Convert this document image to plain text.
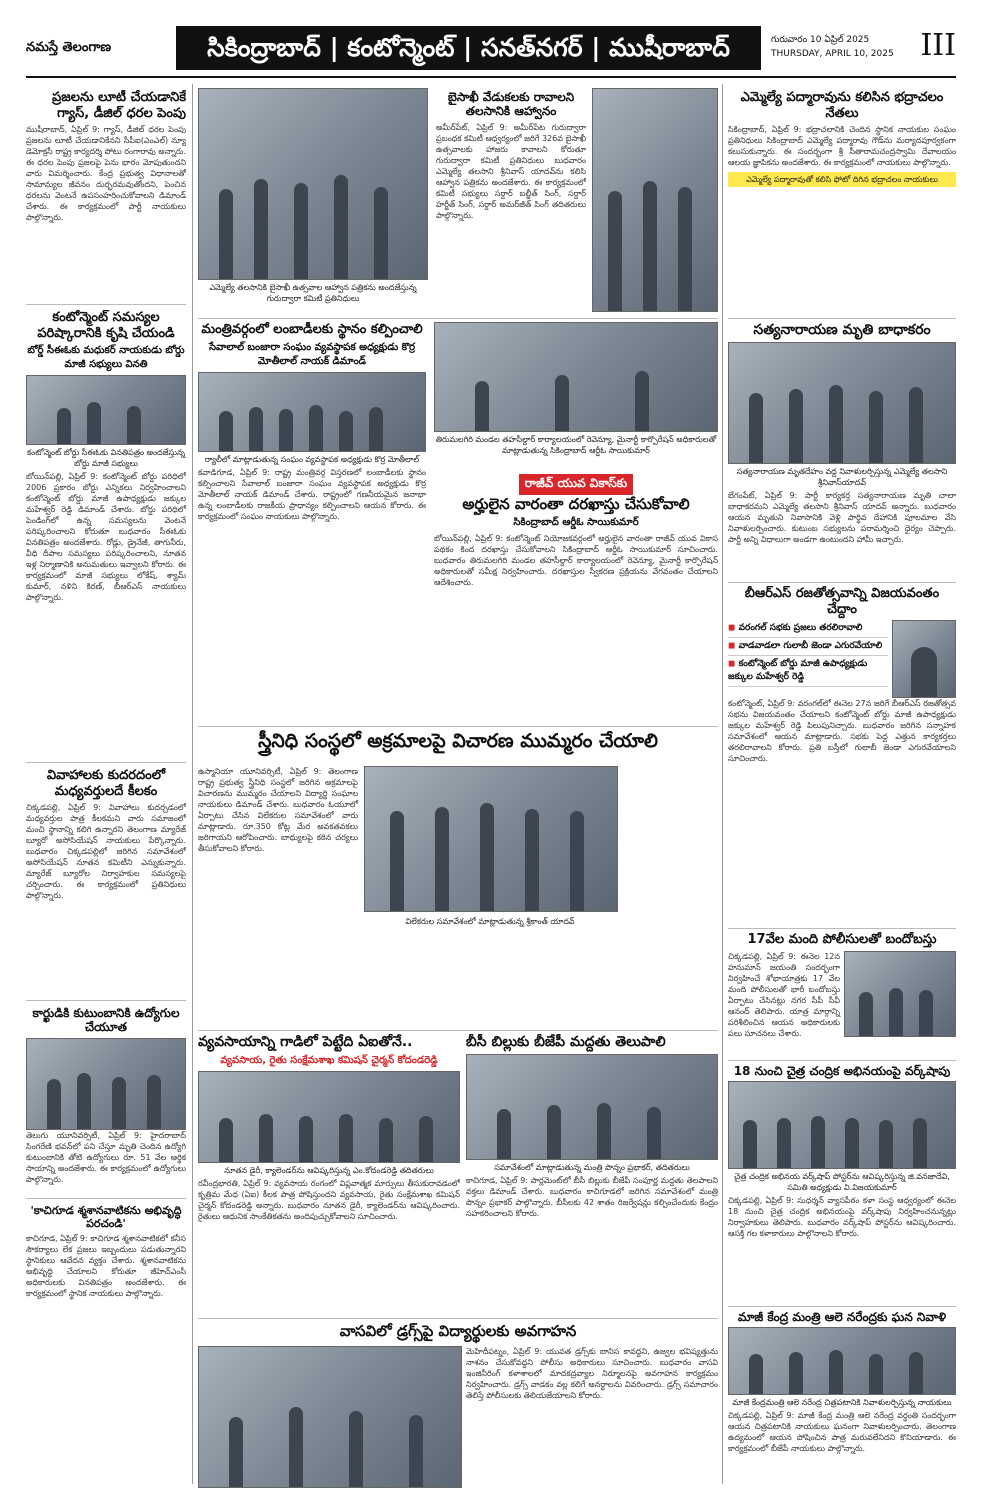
నమస్తే తెలంగాణ	సికింద్రాబాద్ | కంటోన్మెంట్ | సనత్‌నగర్ | ముషీరాబాద్	గురువారం 10 ఏప్రిల్ 2025
THURSDAY, APRIL 10, 2025 III
ప్రజలను లూటీ చేయడానికే గ్యాస్, డీజిల్ ధరల పెంపు
ముషీరాబాద్, ఏప్రిల్ 9: గ్యాస్, డీజిల్ ధరల పెంపు ప్రజలను లూటీ చేయడానికేనని సీపీఐ(ఎంఎల్) న్యూ డెమోక్రసీ రాష్ట్ర కార్యదర్శి పోటు రంగారావు అన్నారు. ఈ ధరల పెంపు ప్రజలపై పెను భారం మోపుతుందని వారు విమర్శించారు. కేంద్ర ప్రభుత్వ విధానాలతో సామాన్యుల జీవనం దుర్భరమవుతోందని, పెంచిన ధరలను వెంటనే ఉపసంహరించుకోవాలని డిమాండ్ చేశారు. ఈ కార్యక్రమంలో పార్టీ నాయకులు పాల్గొన్నారు.
కంటోన్మెంట్ సమస్యల పరిష్కారానికి కృషి చేయండి
బోర్డ్ సీఈఓకు మధుకర్ నాయకుడు బోర్డు మాజీ సభ్యులు వినతి
కంటోన్మెంట్ బోర్డు సీఈఓకు వినతిపత్రం అందజేస్తున్న బోర్డు మాజీ సభ్యులు
బోయిన్‌పల్లి, ఏప్రిల్ 9: కంటోన్మెంట్ బోర్డు పరిధిలో 2006 ప్రకారం బోర్డు ఎన్నికలు నిర్వహించాలని కంటోన్మెంట్ బోర్డు మాజీ ఉపాధ్యక్షుడు జక్కుల మహేశ్వర్ రెడ్డి డిమాండ్ చేశారు. బోర్డు పరిధిలో పెండింగ్‌లో ఉన్న సమస్యలను వెంటనే పరిష్కరించాలని కోరుతూ బుధవారం సీఈఓకు వినతిపత్రం అందజేశారు. రోడ్లు, డ్రైనేజీ, తాగునీరు, వీధి దీపాల సమస్యలు పరిష్కరించాలని, నూతన ఇళ్ల నిర్మాణానికి అనుమతులు ఇవ్వాలని కోరారు. ఈ కార్యక్రమంలో మాజీ సభ్యులు లోకేష్, శ్యామ్ కుమార్, నళిని కిరణ్, బీఆర్ఎస్ నాయకులు పాల్గొన్నారు.
వివాహాలకు కుదరదంలో మధ్యవర్తులదే కీలకం
చిక్కడపల్లి, ఏప్రిల్ 9: వివాహాలు కుదర్చడంలో మధ్యవర్తుల పాత్ర కీలకమని వారు సమాజంలో మంచి స్థానాన్ని కలిగి ఉన్నారని తెలంగాణ మ్యారేజ్ బ్యూరో అసోసియేషన్ నాయకులు పేర్కొన్నారు. బుధవారం చిక్కడపల్లిలో జరిగిన సమావేశంలో అసోసియేషన్ నూతన కమిటీని ఎన్నుకున్నారు. మ్యారేజ్ బ్యూరోల నిర్వాహకుల సమస్యలపై చర్చించారు. ఈ కార్యక్రమంలో ప్రతినిధులు పాల్గొన్నారు.
కార్ఖుడికి కుటుంబానికి ఉద్యోగుల చేయూత
తెలుగు యూనివర్సిటీ, ఏప్రిల్ 9: హైదరాబాద్ సింగరేణి భవన్‌లో పని చేస్తూ మృతి చెందిన ఉద్యోగి కుటుంబానికి తోటి ఉద్యోగులు రూ. 51 వేల ఆర్థిక సాయాన్ని అందజేశారు. ఈ కార్యక్రమంలో ఉద్యోగులు పాల్గొన్నారు.
'కాచిగూడ శ్మశానవాటికను అభివృద్ధి పరచండి'
కాచిగూడ, ఏప్రిల్ 9: కాచిగూడ శ్మశానవాటికలో కనీస సౌకర్యాలు లేక ప్రజలు ఇబ్బందులు పడుతున్నారని స్థానికులు ఆవేదన వ్యక్తం చేశారు. శ్మశానవాటికను అభివృద్ధి చేయాలని కోరుతూ జీహెచ్ఎంసీ అధికారులకు వినతిపత్రం అందజేశారు. ఈ కార్యక్రమంలో స్థానిక నాయకులు పాల్గొన్నారు.
ఎమ్మెల్యే తలసానికి బైసాఖీ ఉత్సవాల ఆహ్వాన పత్రికను అందజేస్తున్న గురుద్వారా కమిటీ ప్రతినిధులు
బైసాఖీ వేడుకలకు రావాలని తలసానికి ఆహ్వానం
అమీర్‌పేట్, ఏప్రిల్ 9: అమీర్‌పేట గురుద్వారా ప్రబంధక కమిటీ ఆధ్వర్యంలో జరిగే 326వ బైసాఖీ ఉత్సవాలకు హాజరు కావాలని కోరుతూ గురుద్వారా కమిటీ ప్రతినిధులు బుధవారం ఎమ్మెల్యే తలసాని శ్రీనివాస్ యాదవ్‌ను కలిసి ఆహ్వాన పత్రికను అందజేశారు. ఈ కార్యక్రమంలో కమిటీ సభ్యులు సర్దార్ బల్జీత్ సింగ్, సర్దార్ హర్జీత్ సింగ్, సర్దార్ అమర్‌జీత్ సింగ్ తదితరులు పాల్గొన్నారు.
మంత్రివర్గంలో లంబాడీలకు స్థానం కల్పించాలి
సేవాలాల్ బంజారా సంఘం వ్యవస్థాపక అధ్యక్షుడు కొర్ర మోతీలాల్ నాయక్ డిమాండ్
ర్యాలీలో మాట్లాడుతున్న సంఘం వ్యవస్థాపక అధ్యక్షుడు కొర్ర మోతీలాల్
కవాడిగూడ, ఏప్రిల్ 9: రాష్ట్ర మంత్రివర్గ విస్తరణలో లంబాడీలకు స్థానం కల్పించాలని సేవాలాల్ బంజారా సంఘం వ్యవస్థాపక అధ్యక్షుడు కొర్ర మోతీలాల్ నాయక్ డిమాండ్ చేశారు. రాష్ట్రంలో గణనీయమైన జనాభా ఉన్న లంబాడీలకు రాజకీయ ప్రాధాన్యం కల్పించాలని ఆయన కోరారు. ఈ కార్యక్రమంలో సంఘం నాయకులు పాల్గొన్నారు.
తిరుమలగిరి మండల తహసీల్దార్ కార్యాలయంలో రెవెన్యూ, మైనార్టీ కార్పొరేషన్ అధికారులతో మాట్లాడుతున్న సికింద్రాబాద్ ఆర్డీఓ సాయికుమార్
రాజీవ్ యువ వికాస్‌కు
అర్హులైన వారంతా దరఖాస్తు చేసుకోవాలి
సికింద్రాబాద్ ఆర్డీఓ సాయికుమార్
బోయిన్‌పల్లి, ఏప్రిల్ 9: కంటోన్మెంట్ నియోజకవర్గంలో అర్హులైన వారంతా రాజీవ్ యువ వికాస పథకం కింద దరఖాస్తు చేసుకోవాలని సికింద్రాబాద్ ఆర్డీఓ సాయికుమార్ సూచించారు. బుధవారం తిరుమలగిరి మండల తహసీల్దార్ కార్యాలయంలో రెవెన్యూ, మైనార్టీ కార్పొరేషన్ అధికారులతో సమీక్ష నిర్వహించారు. దరఖాస్తుల స్వీకరణ ప్రక్రియను వేగవంతం చేయాలని ఆదేశించారు.
స్త్రీనిధి సంస్థలో అక్రమాలపై విచారణ ముమ్మరం చేయాలి
ఉస్మానియా యూనివర్సిటీ, ఏప్రిల్ 9: తెలంగాణ రాష్ట్ర ప్రభుత్వ స్త్రీనిధి సంస్థలో జరిగిన అక్రమాలపై విచారణను ముమ్మరం చేయాలని విద్యార్థి సంఘాల నాయకులు డిమాండ్ చేశారు. బుధవారం ఓయూలో ఏర్పాటు చేసిన విలేకరుల సమావేశంలో వారు మాట్లాడారు. రూ.350 కోట్ల మేర అవకతవకలు జరిగాయని ఆరోపించారు. బాధ్యులపై కఠిన చర్యలు తీసుకోవాలని కోరారు.
విలేకరుల సమావేశంలో మాట్లాడుతున్న శ్రీకాంత్ యాదవ్
వ్యవసాయాన్ని గాడిలో పెట్టేది ఏఐతోనే..
వ్యవసాయ, రైతు సంక్షేమశాఖ కమిషన్ చైర్మన్ కోదండరెడ్డి
నూతన డైరీ, క్యాలెండర్‌ను ఆవిష్కరిస్తున్న ఎం.కోదండరెడ్డి తదితరులు
రవీంద్రభారతి, ఏప్రిల్ 9: వ్యవసాయ రంగంలో విప్లవాత్మక మార్పులు తీసుకురావడంలో కృత్రిమ మేధ (ఏఐ) కీలక పాత్ర పోషిస్తుందని వ్యవసాయ, రైతు సంక్షేమశాఖ కమిషన్ చైర్మన్ కోదండరెడ్డి అన్నారు. బుధవారం నూతన డైరీ, క్యాలెండర్‌ను ఆవిష్కరించారు. రైతులు ఆధునిక సాంకేతికతను అందిపుచ్చుకోవాలని సూచించారు.
బీసీ బిల్లుకు బీజేపీ మద్దతు తెలుపాలి
సమావేశంలో మాట్లాడుతున్న మంత్రి పొన్నం ప్రభాకర్, తదితరులు
కాచిగూడ, ఏప్రిల్ 9: పార్లమెంట్‌లో బీసీ బిల్లుకు బీజేపీ సంపూర్ణ మద్దతు తెలపాలని వక్తలు డిమాండ్ చేశారు. బుధవారం కాచిగూడలో జరిగిన సమావేశంలో మంత్రి పొన్నం ప్రభాకర్ పాల్గొన్నారు. బీసీలకు 42 శాతం రిజర్వేషన్లు కల్పించేందుకు కేంద్రం సహకరించాలని కోరారు.
వాసవిలో డ్రగ్స్‌పై విద్యార్థులకు అవగాహన
మెహిదీపట్నం, ఏప్రిల్ 9: యువత డ్రగ్స్‌కు బానిస కావద్దని, ఉజ్వల భవిష్యత్తును నాశనం చేసుకోవద్దని పోలీసు అధికారులు సూచించారు. బుధవారం వాసవి ఇంజినీరింగ్ కళాశాలలో మాదకద్రవ్యాల నిర్మూలనపై అవగాహన కార్యక్రమం నిర్వహించారు. డ్రగ్స్ వాడకం వల్ల కలిగే అనర్థాలను వివరించారు. డ్రగ్స్ సమాచారం తెలిస్తే పోలీసులకు తెలియజేయాలని కోరారు.
ఎమ్మెల్యే పద్మారావును కలిసిన భద్రాచలం నేతలు
సికింద్రాబాద్, ఏప్రిల్ 9: భద్రాచలానికి చెందిన స్థానిక నాయకుల సంఘం ప్రతినిధులు సికింద్రాబాద్ ఎమ్మెల్యే పద్మారావు గౌడ్‌ను మర్యాదపూర్వకంగా కలుసుకున్నారు. ఈ సందర్భంగా శ్రీ సీతారామచంద్రస్వామి దేవాలయం ఆలయ జ్ఞాపికను అందజేశారు. ఈ కార్యక్రమంలో నాయకులు పాల్గొన్నారు.
ఎమ్మెల్యే పద్మారావుతో కలిసి ఫోటో దిగిన భద్రాచలం నాయకులు
సత్యనారాయణ మృతి బాధాకరం
సత్యనారాయణ మృతదేహం వద్ద నివాళులర్పిస్తున్న ఎమ్మెల్యే తలసాని శ్రీనివాస్‌యాదవ్
బేగంపేట్, ఏప్రిల్ 9: పార్టీ కార్యకర్త సత్యనారాయణ మృతి చాలా బాధాకరమని ఎమ్మెల్యే తలసాని శ్రీనివాస్ యాదవ్ అన్నారు. బుధవారం ఆయన మృతుని నివాసానికి వెళ్లి పార్థివ దేహానికి పూలమాల వేసి నివాళులర్పించారు. కుటుంబ సభ్యులను పరామర్శించి ధైర్యం చెప్పారు. పార్టీ అన్ని విధాలుగా అండగా ఉంటుందని హామీ ఇచ్చారు.
బీఆర్ఎస్ రజతోత్సవాన్ని విజయవంతం చేద్దాం
◼ వరంగల్ సభకు ప్రజలు తరలిరావాలి
◼ వాడవాడలా గులాబీ జెండా ఎగురవేయాలి
◼ కంటోన్మెంట్ బోర్డు మాజీ ఉపాధ్యక్షుడు జక్కుల మహేశ్వర్ రెడ్డి
కంటోన్మెంట్, ఏప్రిల్ 9: వరంగల్‌లో ఈనెల 27న జరిగే బీఆర్ఎస్ రజతోత్సవ సభను విజయవంతం చేయాలని కంటోన్మెంట్ బోర్డు మాజీ ఉపాధ్యక్షుడు జక్కుల మహేశ్వర్ రెడ్డి పిలుపునిచ్చారు. బుధవారం జరిగిన సన్నాహక సమావేశంలో ఆయన మాట్లాడారు. సభకు పెద్ద ఎత్తున కార్యకర్తలు తరలిరావాలని కోరారు. ప్రతి బస్తీలో గులాబీ జెండా ఎగురవేయాలని సూచించారు.
17వేల మంది పోలీసులతో బందోబస్తు
చిక్కడపల్లి, ఏప్రిల్ 9: ఈనెల 12న హనుమాన్ జయంతి సందర్భంగా నిర్వహించే శోభాయాత్రకు 17 వేల మంది పోలీసులతో భారీ బందోబస్తు ఏర్పాటు చేసినట్లు నగర సీపీ సీవీ ఆనంద్ తెలిపారు. యాత్ర మార్గాన్ని పరిశీలించిన ఆయన అధికారులకు పలు సూచనలు చేశారు.
18 నుంచి చైత్ర చంద్రిక అభినయంపై వర్క్‌షాపు
చైత్ర చంద్రిక అభినయ వర్క్‌షాప్ పోస్టర్‌ను ఆవిష్కరిస్తున్న జి.వనజాదేవి, సమితి అధ్యక్షుడు వి.విజయకుమార్
చిక్కడపల్లి, ఏప్రిల్ 9: సుధర్శన్ వ్యాసపీఠం కళా సంస్థ ఆధ్వర్యంలో ఈనెల 18 నుంచి చైత్ర చంద్రిక అభినయంపై వర్క్‌షాపు నిర్వహించనున్నట్లు నిర్వాహకులు తెలిపారు. బుధవారం వర్క్‌షాప్ పోస్టర్‌ను ఆవిష్కరించారు. ఆసక్తి గల కళాకారులు పాల్గొనాలని కోరారు.
మాజీ కేంద్ర మంత్రి ఆలె నరేంద్రకు ఘన నివాళి
మాజీ కేంద్రమంత్రి ఆలె నరేంద్ర చిత్రపటానికి నివాళులర్పిస్తున్న నాయకులు
చిక్కడపల్లి, ఏప్రిల్ 9: మాజీ కేంద్ర మంత్రి ఆలె నరేంద్ర వర్ధంతి సందర్భంగా ఆయన చిత్రపటానికి నాయకులు ఘనంగా నివాళులర్పించారు. తెలంగాణ ఉద్యమంలో ఆయన పోషించిన పాత్ర మరువలేనిదని కొనియాడారు. ఈ కార్యక్రమంలో బీజేపీ నాయకులు పాల్గొన్నారు.
